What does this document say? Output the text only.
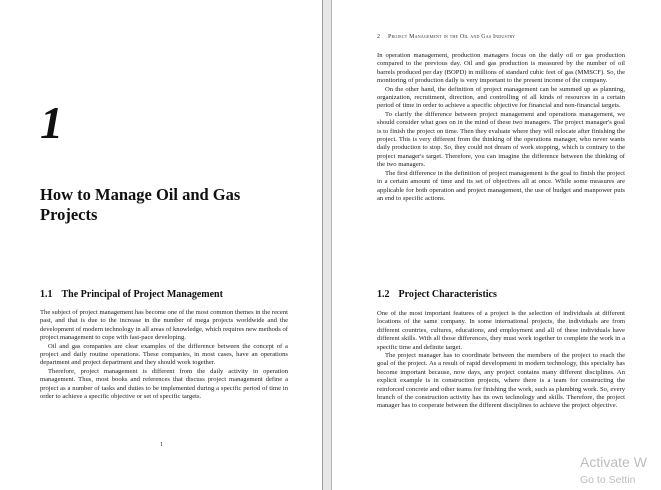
1
How to Manage Oil and Gas Projects
1.1 The Principal of Project Management

The subject of project management has become one of the most common themes in the recent past, and that is due to the increase in the number of mega projects worldwide and the development of modern technology in all areas of knowledge, which requires new methods of project management to cope with fast-pace developing.

Oil and gas companies are clear examples of the difference between the concept of a project and daily routine operations. These companies, in most cases, have an operations department and project department and they should work together.

Therefore, project management is different from the daily activity in operation management. Thus, most books and references that discuss project management define a project as a number of tasks and duties to be implemented during a specific period of time in order to achieve a specific objective or set of specific targets.

1
2 Project Management in the Oil and Gas Industry

In operation management, production managers focus on the daily oil or gas production compared to the previous day. Oil and gas production is measured by the number of oil barrels produced per day (BOPD) in millions of standard cubic feet of gas (MMSCF). So, the monitoring of production daily is very important to the present income of the company.

On the other hand, the definition of project management can be summed up as planning, organization, recruitment, direction, and controlling of all kinds of resources in a certain period of time in order to achieve a specific objective for financial and non-financial targets.

To clarify the difference between project management and operations management, we should consider what goes on in the mind of these two managers. The project manager's goal is to finish the project on time. Then they evaluate where they will relocate after finishing the project. This is very different from the thinking of the operations manager, who never wants daily production to stop. So, they could not dream of work stopping, which is contrary to the project manager's target. Therefore, you can imagine the difference between the thinking of the two managers.

The first difference in the definition of project management is the goal to finish the project in a certain amount of time and its set of objectives all at once. While some measures are applicable for both operation and project management, the use of budget and manpower puts an end to specific actions.

1.2 Project Characteristics

One of the most important features of a project is the selection of individuals at different locations of the same company. In some international projects, the individuals are from different countries, cultures, educations, and employment and all of these individuals have different skills. With all those differences, they must work together to complete the work in a specific time and definite target.

The project manager has to coordinate between the members of the project to reach the goal of the project. As a result of rapid development in modern technology, this specialty has become important because, now days, any project contains many different disciplines. An explicit example is in construction projects, where there is a team for constructing the reinforced concrete and other teams for finishing the work, such as plumbing work. So, every branch of the construction activity has its own technology and skills. Therefore, the project manager has to cooperate between the different disciplines to achieve the project objective.

Activate W
Go to Settin
